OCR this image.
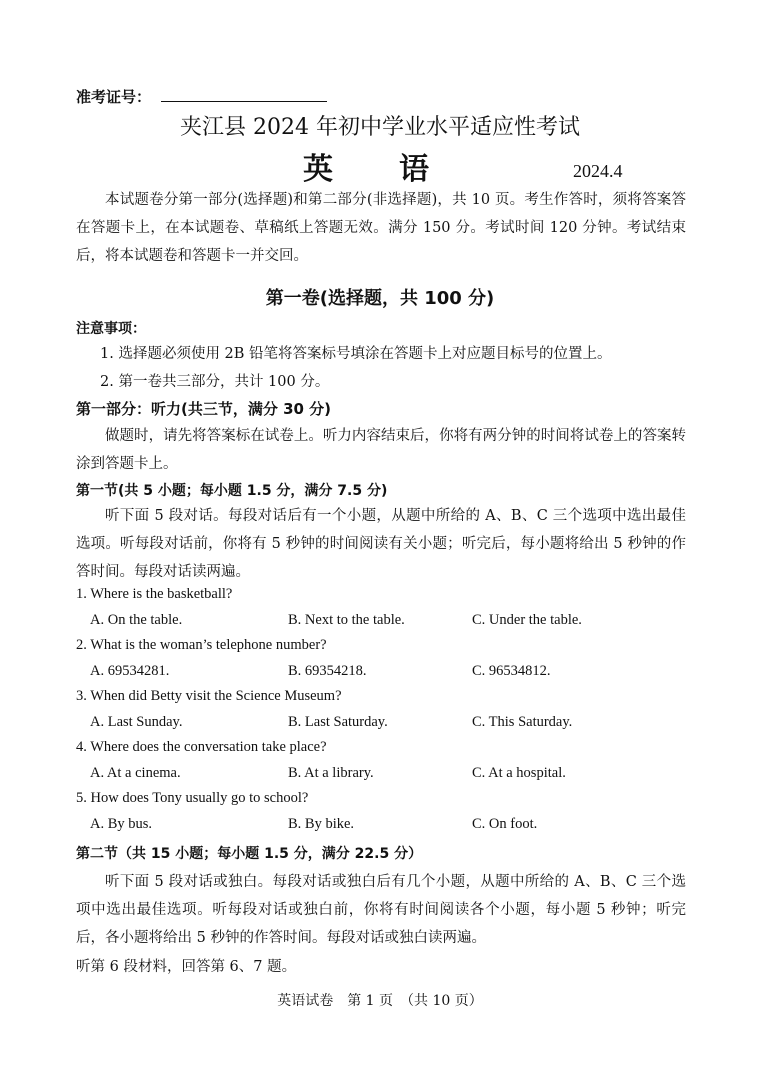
准考证号：
夹江县 2024 年初中学业水平适应性考试
英　　语	2024.4
本试题卷分第一部分(选择题)和第二部分(非选择题)，共 10 页。考生作答时，须将答案答在答题卡上，在本试题卷、草稿纸上答题无效。满分 150 分。考试时间 120 分钟。考试结束后，将本试题卷和答题卡一并交回。
第一卷(选择题，共 100 分)
注意事项：
1. 选择题必须使用 2B 铅笔将答案标号填涂在答题卡上对应题目标号的位置上。
2. 第一卷共三部分，共计 100 分。
第一部分：听力(共三节，满分 30 分)
做题时，请先将答案标在试卷上。听力内容结束后，你将有两分钟的时间将试卷上的答案转涂到答题卡上。
第一节(共 5 小题；每小题 1.5 分，满分 7.5 分)
听下面 5 段对话。每段对话后有一个小题，从题中所给的 A、B、C 三个选项中选出最佳选项。听每段对话前，你将有 5 秒钟的时间阅读有关小题；听完后，每小题将给出 5 秒钟的作答时间。每段对话读两遍。
1. Where is the basketball?
A. On the table.	B. Next to the table.	C. Under the table.
2. What is the woman’s telephone number?
A. 69534281.	B. 69354218.	C. 96534812.
3. When did Betty visit the Science Museum?
A. Last Sunday.	B. Last Saturday.	C. This Saturday.
4. Where does the conversation take place?
A. At a cinema.	B. At a library.	C. At a hospital.
5. How does Tony usually go to school?
A. By bus.	B. By bike.	C. On foot.
第二节（共 15 小题；每小题 1.5 分，满分 22.5 分）
听下面 5 段对话或独白。每段对话或独白后有几个小题，从题中所给的 A、B、C 三个选项中选出最佳选项。听每段对话或独白前，你将有时间阅读各个小题，每小题 5 秒钟；听完后，各小题将给出 5 秒钟的作答时间。每段对话或独白读两遍。
听第 6 段材料，回答第 6、7 题。
英语试卷　第 1 页　（共 10 页）
